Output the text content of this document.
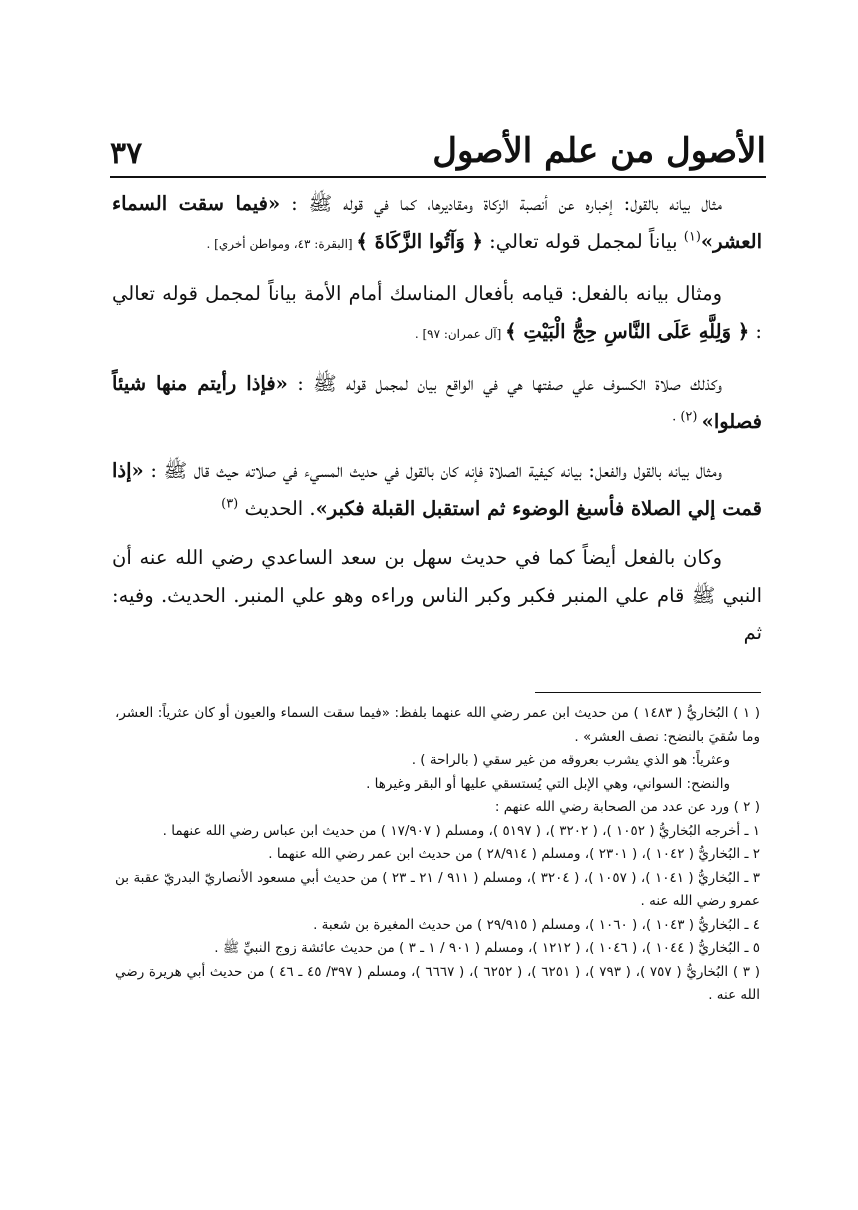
الأصول من علم الأصول
٣٧

مثال بيانه بالقول: إخباره عن أنصبة الزكاة ومقاديرها، كما في قوله ﷺ : «فيما سقت السماء العشر»$^{(١)}$ بياناً لمجمل قوله تعالي: ﴿ وَآتُوا الزَّكَاةَ ﴾ [البقرة: ٤٣، ومواطن أخري] .

ومثال بيانه بالفعل: قيامه بأفعال المناسك أمام الأمة بياناً لمجمل قوله تعالي : ﴿ وَلِلَّهِ عَلَى النَّاسِ حِجُّ الْبَيْتِ ﴾ [آل عمران: ٩٧] .

وكذلك صلاة الكسوف علي صفتها هي في الواقع بيان لمجمل قوله ﷺ : «فإذا رأيتم منها شيئاً فصلوا» $^{(٢) .}$

ومثال بيانه بالقول والفعل: بيانه كيفية الصلاة فإنه كان بالقول في حديث المسيء في صلاته حيث قال ﷺ : «إذا قمت إلي الصلاة فأسبغ الوضوء ثم استقبل القبلة فكبر». الحديث $^{(٣)}$

وكان بالفعل أيضاً كما في حديث سهل بن سعد الساعدي رضي الله عنه أن النبي ﷺ قام علي المنبر فكبر وكبر الناس وراءه وهو علي المنبر. الحديث. وفيه: ثم

( ١ ) البُخاريُّ ( ١٤٨٣ ) من حديث ابن عمر رضي الله عنهما بلفظ: «فيما سقت السماء والعيون أو كان عثرياً: العشر، وما سُقيَ بالنضح: نصف العشر» .

وعثرياً: هو الذي يشرب بعروقه من غير سقي ( بالراحة ) .

والنضح: السواني، وهي الإبل التي يُستسقي عليها أو البقر وغيرها .

( ٢ ) ورد عن عدد من الصحابة رضي الله عنهم :

١ ـ أخرجه البُخاريُّ ( ١٠٥٢ )، ( ٣٢٠٢ )، ( ٥١٩٧ )، ومسلم ( ١٧/٩٠٧ ) من حديث ابن عباس رضي الله عنهما .

٢ ـ البُخاريُّ ( ١٠٤٢ )، ( ٢٣٠١ )، ومسلم ( ٢٨/٩١٤ ) من حديث ابن عمر رضي الله عنهما .

٣ ـ البُخاريُّ ( ١٠٤١ )، ( ١٠٥٧ )، ( ٣٢٠٤ )، ومسلم ( ٩١١ / ٢١ ـ ٢٣ ) من حديث أبي مسعود الأنصاريّ البدريّ عقبة بن عمرو رضي الله عنه .

٤ ـ البُخاريُّ ( ١٠٤٣ )، ( ١٠٦٠ )، ومسلم ( ٢٩/٩١٥ ) من حديث المغيرة بن شعبة .

٥ ـ البُخاريُّ ( ١٠٤٤ )، ( ١٠٤٦ )، ( ١٢١٢ )، ومسلم ( ٩٠١ / ١ ـ ٣ ) من حديث عائشة زوج النبيِّ ﷺ .

( ٣ ) البُخاريُّ ( ٧٥٧ )، ( ٧٩٣ )، ( ٦٢٥١ )، ( ٦٢٥٢ )، ( ٦٦٦٧ )، ومسلم ( ٣٩٧/ ٤٥ ـ ٤٦ ) من حديث أبي هريرة رضي الله عنه .
